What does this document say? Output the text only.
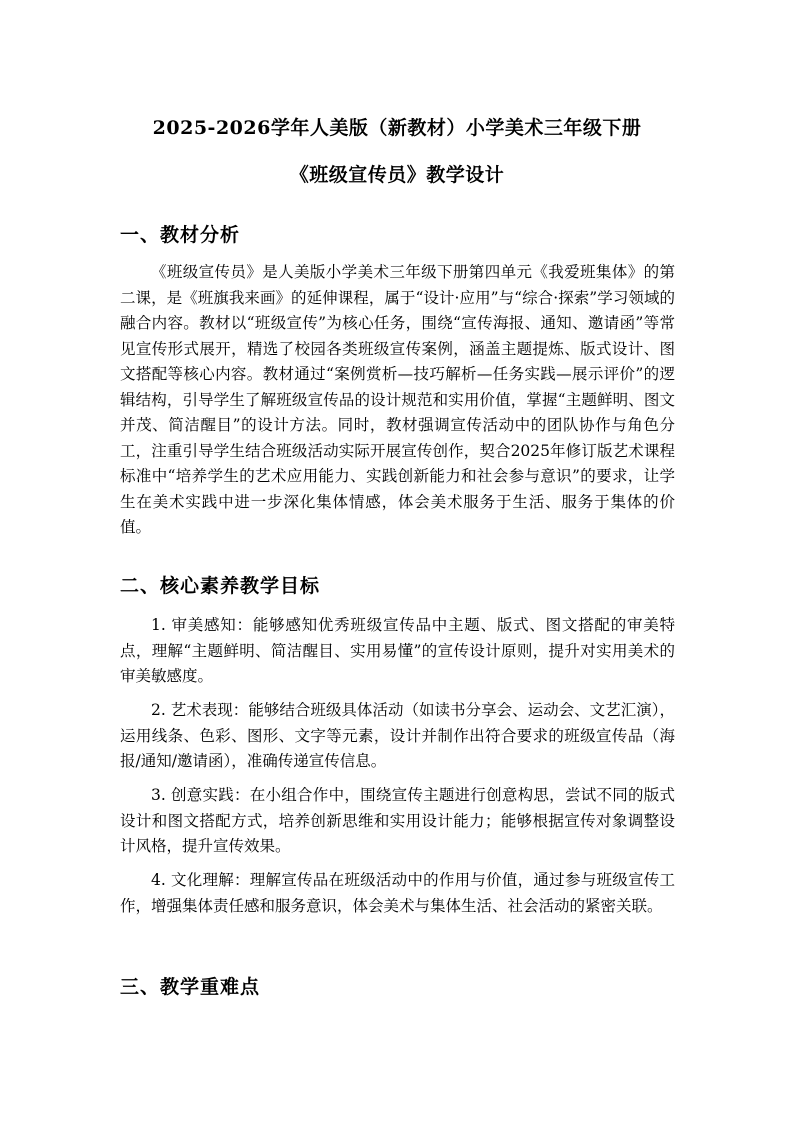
2025-2026学年人美版（新教材）小学美术三年级下册
《班级宣传员》教学设计
一、教材分析

《班级宣传员》是人美版小学美术三年级下册第四单元《我爱班集体》的第二课，是《班旗我来画》的延伸课程，属于“设计·应用”与“综合·探索”学习领域的融合内容。教材以“班级宣传”为核心任务，围绕“宣传海报、通知、邀请函”等常见宣传形式展开，精选了校园各类班级宣传案例，涵盖主题提炼、版式设计、图文搭配等核心内容。教材通过“案例赏析—技巧解析—任务实践—展示评价”的逻辑结构，引导学生了解班级宣传品的设计规范和实用价值，掌握“主题鲜明、图文并茂、简洁醒目”的设计方法。同时，教材强调宣传活动中的团队协作与角色分工，注重引导学生结合班级活动实际开展宣传创作，契合2025年修订版艺术课程标准中“培养学生的艺术应用能力、实践创新能力和社会参与意识”的要求，让学生在美术实践中进一步深化集体情感，体会美术服务于生活、服务于集体的价值。

二、核心素养教学目标

1. 审美感知：能够感知优秀班级宣传品中主题、版式、图文搭配的审美特点，理解“主题鲜明、简洁醒目、实用易懂”的宣传设计原则，提升对实用美术的审美敏感度。

2. 艺术表现：能够结合班级具体活动（如读书分享会、运动会、文艺汇演），运用线条、色彩、图形、文字等元素，设计并制作出符合要求的班级宣传品（海报/通知/邀请函），准确传递宣传信息。

3. 创意实践：在小组合作中，围绕宣传主题进行创意构思，尝试不同的版式设计和图文搭配方式，培养创新思维和实用设计能力；能够根据宣传对象调整设计风格，提升宣传效果。

4. 文化理解：理解宣传品在班级活动中的作用与价值，通过参与班级宣传工作，增强集体责任感和服务意识，体会美术与集体生活、社会活动的紧密关联。

三、教学重难点
